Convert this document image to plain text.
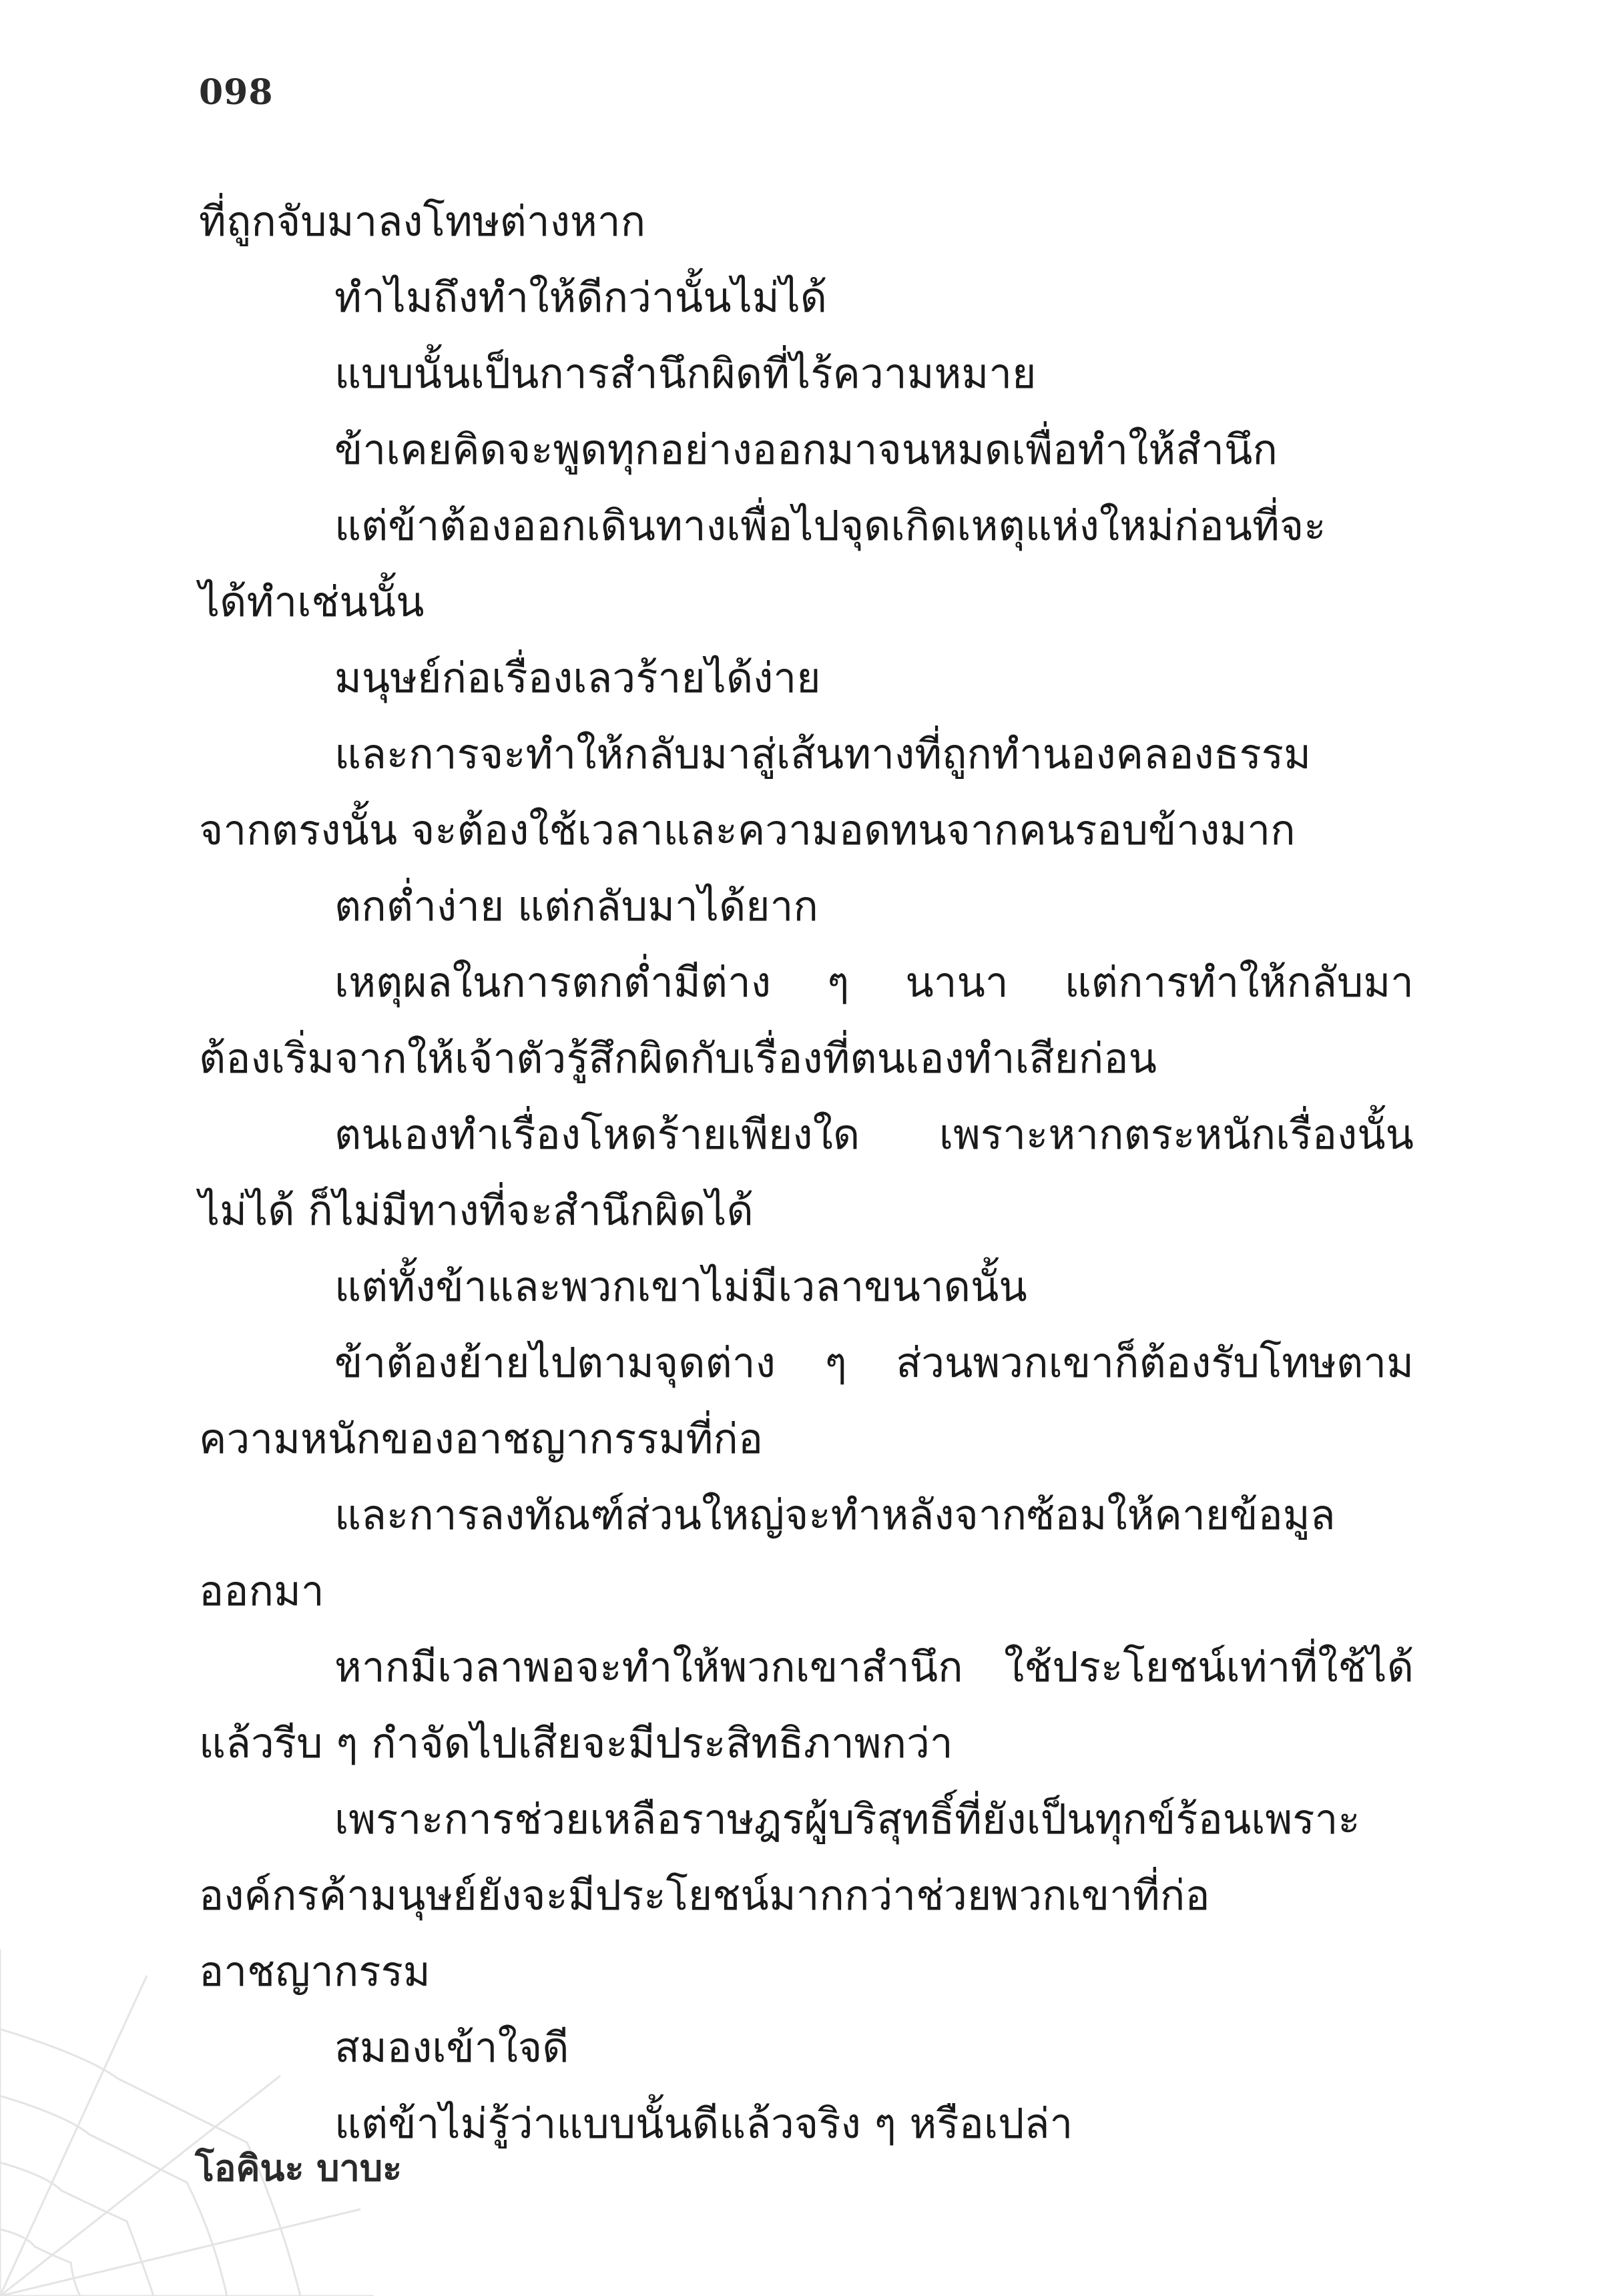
098
ที่ถูกจับมาลงโทษต่างหาก
ทำไมถึงทำให้ดีกว่านั้นไม่ได้
แบบนั้นเป็นการสำนึกผิดที่ไร้ความหมาย
ข้าเคยคิดจะพูดทุกอย่างออกมาจนหมดเพื่อทำให้สำนึก
แต่ข้าต้องออกเดินทางเพื่อไปจุดเกิดเหตุแห่งใหม่ก่อนที่จะ
ได้ทำเช่นนั้น
มนุษย์ก่อเรื่องเลวร้ายได้ง่าย
และการจะทำให้กลับมาสู่เส้นทางที่ถูกทำนองคลองธรรม
จากตรงนั้น จะต้องใช้เวลาและความอดทนจากคนรอบข้างมาก
ตกต่ำง่าย แต่กลับมาได้ยาก
เหตุผลในการตกต่ำมีต่าง ๆ นานา แต่การทำให้กลับมา
ต้องเริ่มจากให้เจ้าตัวรู้สึกผิดกับเรื่องที่ตนเองทำเสียก่อน
ตนเองทำเรื่องโหดร้ายเพียงใด เพราะหากตระหนักเรื่องนั้น
ไม่ได้ ก็ไม่มีทางที่จะสำนึกผิดได้
แต่ทั้งข้าและพวกเขาไม่มีเวลาขนาดนั้น
ข้าต้องย้ายไปตามจุดต่าง ๆ ส่วนพวกเขาก็ต้องรับโทษตาม
ความหนักของอาชญากรรมที่ก่อ
และการลงทัณฑ์ส่วนใหญ่จะทำหลังจากซ้อมให้คายข้อมูล
ออกมา
หากมีเวลาพอจะทำให้พวกเขาสำนึก ใช้ประโยชน์เท่าที่ใช้ได้
แล้วรีบ ๆ กำจัดไปเสียจะมีประสิทธิภาพกว่า
เพราะการช่วยเหลือราษฎรผู้บริสุทธิ์ที่ยังเป็นทุกข์ร้อนเพราะ
องค์กรค้ามนุษย์ยังจะมีประโยชน์มากกว่าช่วยพวกเขาที่ก่อ
อาชญากรรม
สมองเข้าใจดี
แต่ข้าไม่รู้ว่าแบบนั้นดีแล้วจริง ๆ หรือเปล่า
โอคินะ บาบะ
